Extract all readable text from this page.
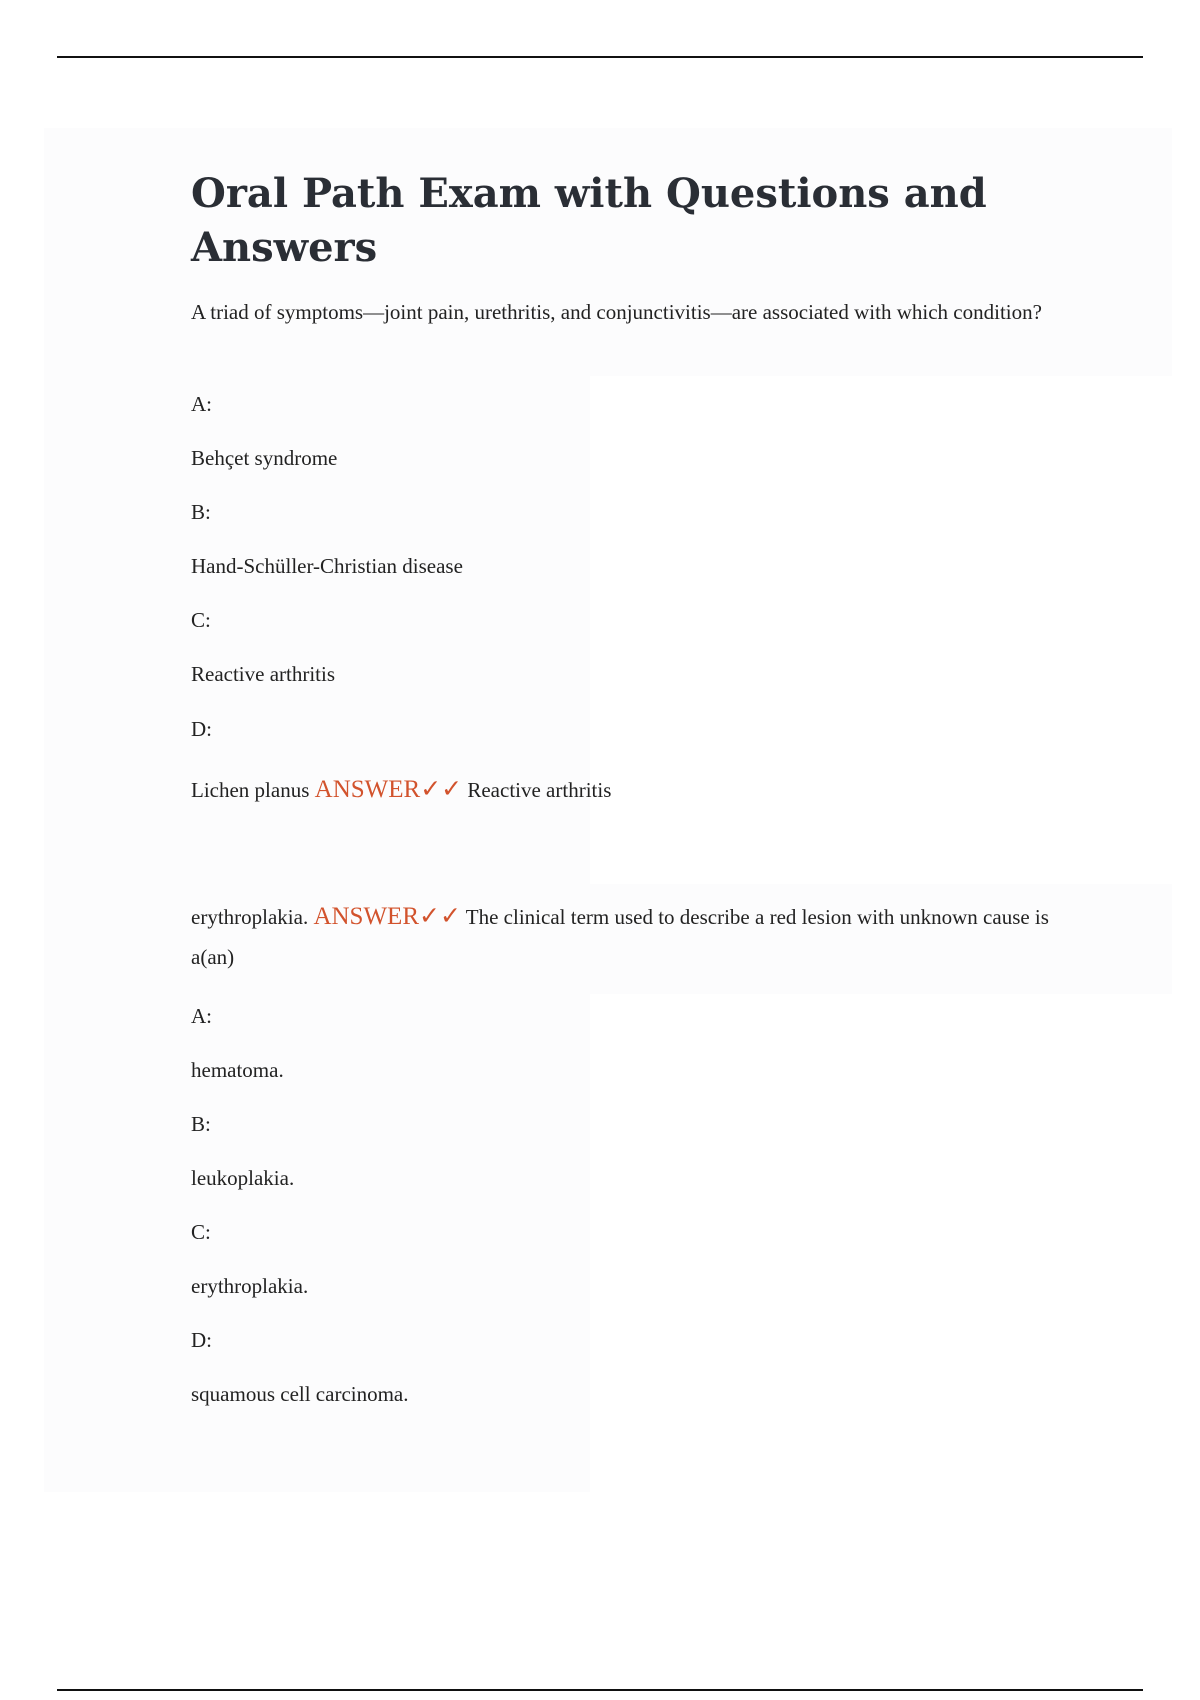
Oral Path Exam with Questions and Answers
A triad of symptoms—joint pain, urethritis, and conjunctivitis—are associated with which condition?
A:
Behçet syndrome
B:
Hand-Schüller-Christian disease
C:
Reactive arthritis
D:
Lichen planus ANSWER✓✓ Reactive arthritis
erythroplakia. ANSWER✓✓ The clinical term used to describe a red lesion with unknown cause is a(an)
A:
hematoma.
B:
leukoplakia.
C:
erythroplakia.
D:
squamous cell carcinoma.
